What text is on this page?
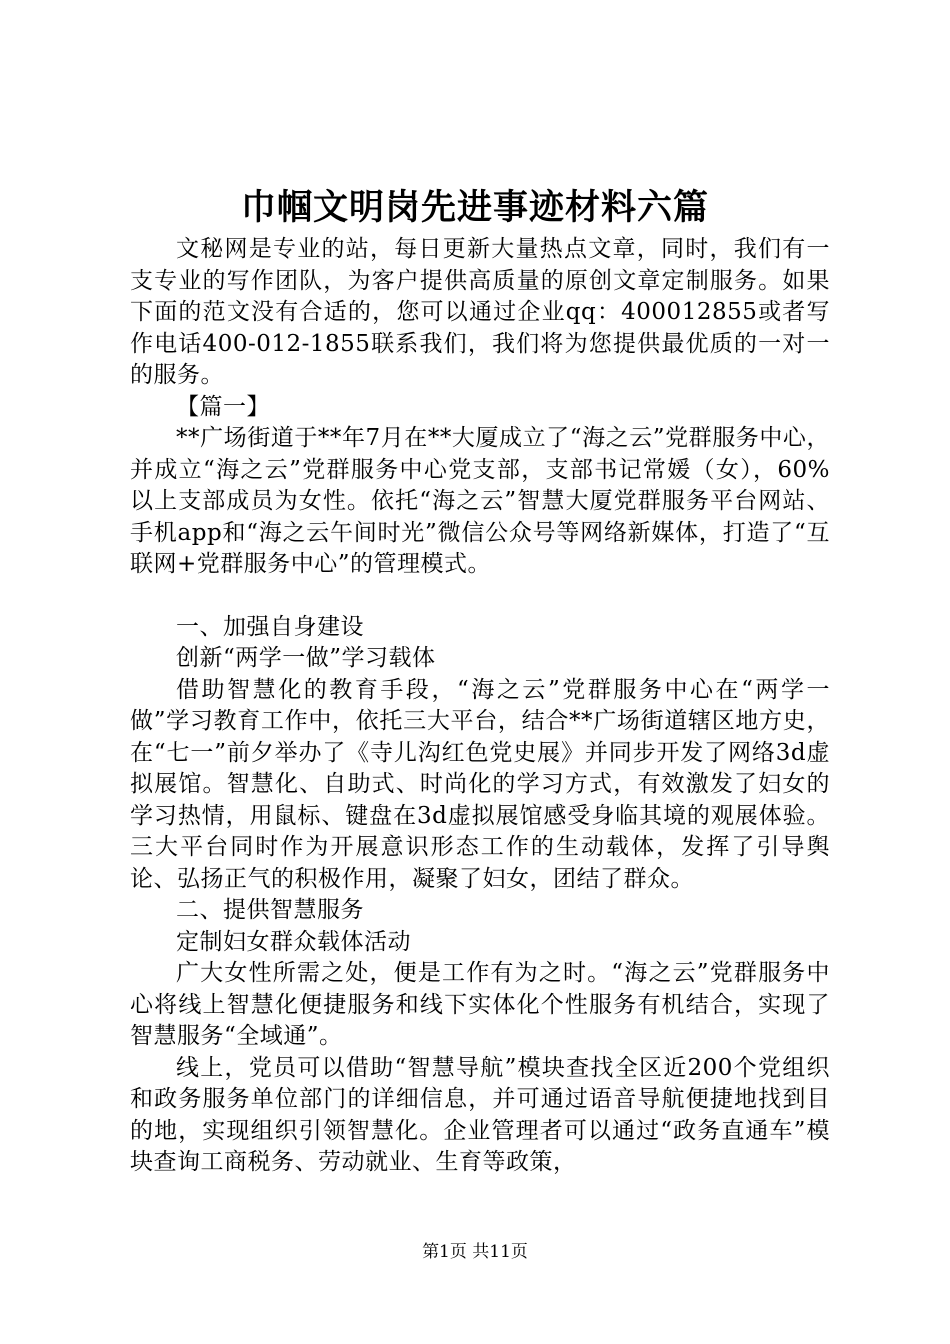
巾帼文明岗先进事迹材料六篇

文秘网是专业的站，每日更新大量热点文章，同时，我们有一支专业的写作团队，为客户提供高质量的原创文章定制服务。如果下面的范文没有合适的，您可以通过企业qq：400012855或者写作电话400-012-1855联系我们，我们将为您提供最优质的一对一的服务。

【篇一】

**广场街道于**年7月在**大厦成立了“海之云”党群服务中心，并成立“海之云”党群服务中心党支部，支部书记常媛（女），60%以上支部成员为女性。依托“海之云”智慧大厦党群服务平台网站、手机app和“海之云午间时光”微信公众号等网络新媒体，打造了“互联网+党群服务中心”的管理模式。

一、加强自身建设

创新“两学一做”学习载体

借助智慧化的教育手段，“海之云”党群服务中心在“两学一做”学习教育工作中，依托三大平台，结合**广场街道辖区地方史，在“七一”前夕举办了《寺儿沟红色党史展》并同步开发了网络3d虚拟展馆。智慧化、自助式、时尚化的学习方式，有效激发了妇女的学习热情，用鼠标、键盘在3d虚拟展馆感受身临其境的观展体验。三大平台同时作为开展意识形态工作的生动载体，发挥了引导舆论、弘扬正气的积极作用，凝聚了妇女，团结了群众。

二、提供智慧服务

定制妇女群众载体活动

广大女性所需之处，便是工作有为之时。“海之云”党群服务中心将线上智慧化便捷服务和线下实体化个性服务有机结合，实现了智慧服务“全域通”。

线上，党员可以借助“智慧导航”模块查找全区近200个党组织和政务服务单位部门的详细信息，并可通过语音导航便捷地找到目的地，实现组织引领智慧化。企业管理者可以通过“政务直通车”模块查询工商税务、劳动就业、生育等政策，

第1页 共11页
